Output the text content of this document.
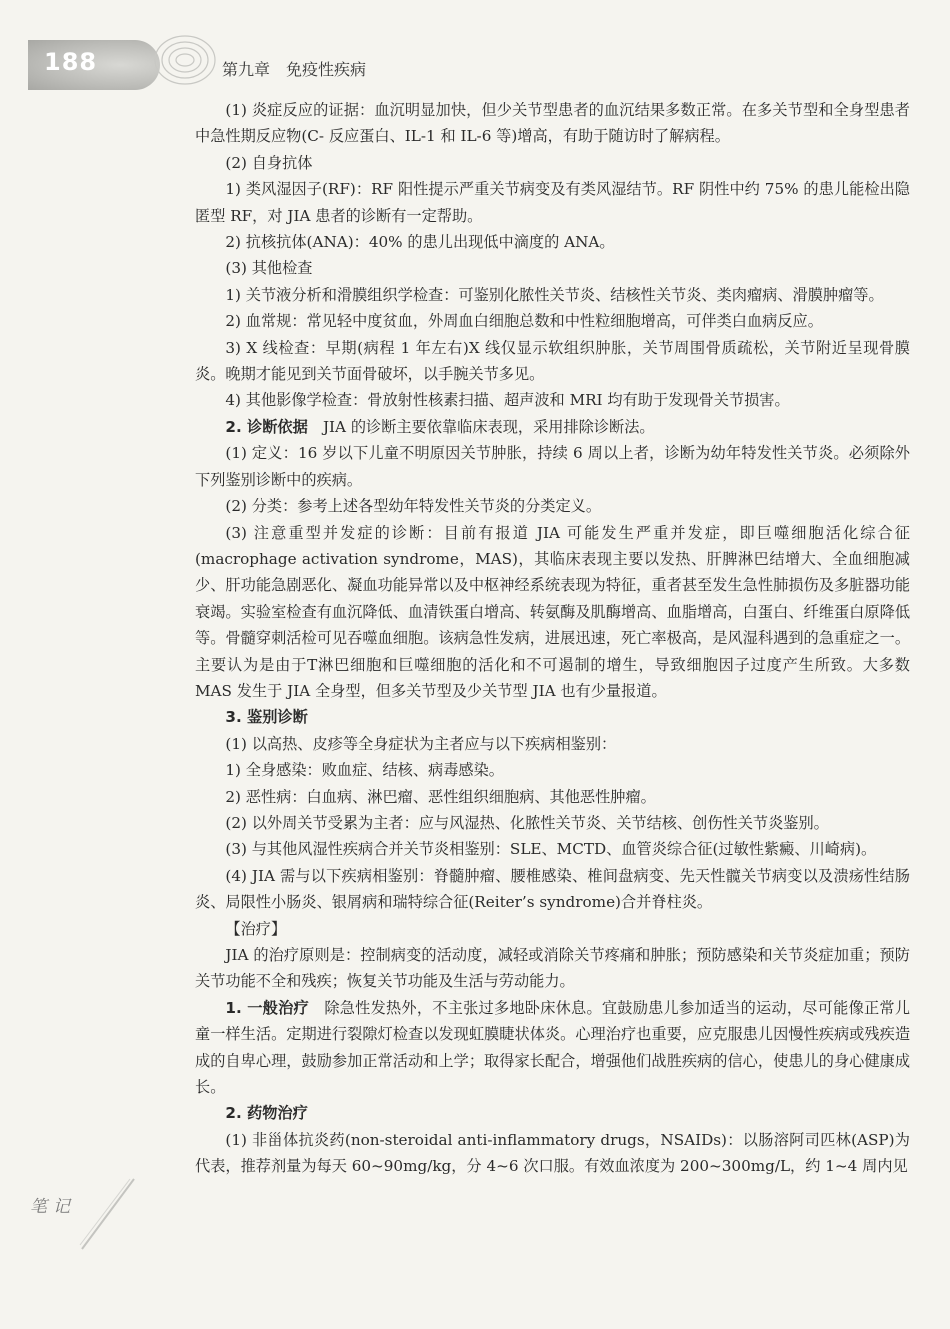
188	第九章　免疫性疾病

(1) 炎症反应的证据：血沉明显加快，但少关节型患者的血沉结果多数正常。在多关节型和全身型患者中急性期反应物(C- 反应蛋白、IL-1 和 IL-6 等)增高，有助于随访时了解病程。

(2) 自身抗体

1) 类风湿因子(RF)：RF 阳性提示严重关节病变及有类风湿结节。RF 阴性中约 75% 的患儿能检出隐匿型 RF，对 JIA 患者的诊断有一定帮助。

2) 抗核抗体(ANA)：40% 的患儿出现低中滴度的 ANA。

(3) 其他检查

1) 关节液分析和滑膜组织学检查：可鉴别化脓性关节炎、结核性关节炎、类肉瘤病、滑膜肿瘤等。

2) 血常规：常见轻中度贫血，外周血白细胞总数和中性粒细胞增高，可伴类白血病反应。

3) X 线检查：早期(病程 1 年左右)X 线仅显示软组织肿胀，关节周围骨质疏松，关节附近呈现骨膜炎。晚期才能见到关节面骨破坏，以手腕关节多见。

4) 其他影像学检查：骨放射性核素扫描、超声波和 MRI 均有助于发现骨关节损害。

2. 诊断依据　 JIA 的诊断主要依靠临床表现，采用排除诊断法。

(1) 定义：16 岁以下儿童不明原因关节肿胀，持续 6 周以上者，诊断为幼年特发性关节炎。必须除外下列鉴别诊断中的疾病。

(2) 分类：参考上述各型幼年特发性关节炎的分类定义。

(3) 注意重型并发症的诊断：目前有报道 JIA 可能发生严重并发症，即巨噬细胞活化综合征(macrophage activation syndrome，MAS)，其临床表现主要以发热、肝脾淋巴结增大、全血细胞减少、肝功能急剧恶化、凝血功能异常以及中枢神经系统表现为特征，重者甚至发生急性肺损伤及多脏器功能衰竭。实验室检查有血沉降低、血清铁蛋白增高、转氨酶及肌酶增高、血脂增高，白蛋白、纤维蛋白原降低等。骨髓穿刺活检可见吞噬血细胞。该病急性发病，进展迅速，死亡率极高，是风湿科遇到的急重症之一。主要认为是由于T淋巴细胞和巨噬细胞的活化和不可遏制的增生，导致细胞因子过度产生所致。大多数 MAS 发生于 JIA 全身型，但多关节型及少关节型 JIA 也有少量报道。

3. 鉴别诊断

(1) 以高热、皮疹等全身症状为主者应与以下疾病相鉴别：

1) 全身感染：败血症、结核、病毒感染。

2) 恶性病：白血病、淋巴瘤、恶性组织细胞病、其他恶性肿瘤。

(2) 以外周关节受累为主者：应与风湿热、化脓性关节炎、关节结核、创伤性关节炎鉴别。

(3) 与其他风湿性疾病合并关节炎相鉴别：SLE、MCTD、血管炎综合征(过敏性紫癜、川崎病)。

(4) JIA 需与以下疾病相鉴别：脊髓肿瘤、腰椎感染、椎间盘病变、先天性髋关节病变以及溃疡性结肠炎、局限性小肠炎、银屑病和瑞特综合征(Reiter’s syndrome)合并脊柱炎。

【治疗】

JIA 的治疗原则是：控制病变的活动度，减轻或消除关节疼痛和肿胀；预防感染和关节炎症加重；预防关节功能不全和残疾；恢复关节功能及生活与劳动能力。

1. 一般治疗　 除急性发热外，不主张过多地卧床休息。宜鼓励患儿参加适当的运动，尽可能像正常儿童一样生活。定期进行裂隙灯检查以发现虹膜睫状体炎。心理治疗也重要，应克服患儿因慢性疾病或残疾造成的自卑心理，鼓励参加正常活动和上学；取得家长配合，增强他们战胜疾病的信心，使患儿的身心健康成长。

2. 药物治疗

(1) 非甾体抗炎药(non-steroidal anti-inflammatory drugs，NSAIDs)：以肠溶阿司匹林(ASP)为代表，推荐剂量为每天 60~90mg/kg，分 4~6 次口服。有效血浓度为 200~300mg/L，约 1~4 周内见

笔记
